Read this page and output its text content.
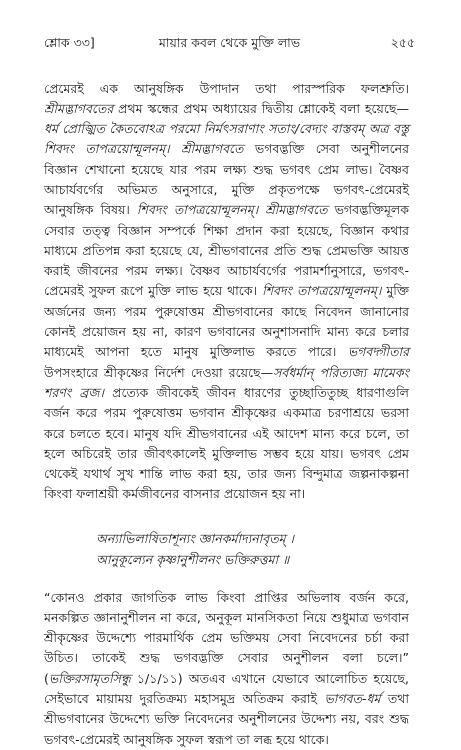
শ্লোক ৩৩]	মায়ার কবল থেকে মুক্তি লাভ	২৫৫

প্রেমেরই এক আনুষঙ্গিক উপাদান তথা পারস্পরিক ফলশ্রুতি। শ্রীমদ্ভাগবতের প্রথম স্কন্ধের প্রথম অধ্যায়ের দ্বিতীয় শ্লোকেই বলা হয়েছে—ধর্ম প্রোজ্ঝিত কৈতবোঽত্র পরমো নির্মৎসরাণাং সতাং/বেদ্যং বাস্তবম্ অত্র বস্তু শিবদং তাপত্রয়োন্মূলনম্। শ্রীমদ্ভাগবতে ভগবদ্ভক্তি সেবা অনুশীলনের বিজ্ঞান শেখানো হয়েছে যার পরম লক্ষ্য শুদ্ধ ভগবৎ প্রেম লাভ। বৈষ্ণব আচার্যবর্গের অভিমত অনুসারে, মুক্তি প্রকৃতপক্ষে ভগবৎ-প্রেমেরই আনুষঙ্গিক বিষয়। শিবদং তাপত্রয়োন্মূলনম্। শ্রীমদ্ভাগবতে ভগবদ্ভক্তিমূলক সেবার তত্ত্ব বিজ্ঞান সম্পর্কে শিক্ষা প্রদান করা হয়েছে, বিজ্ঞান কথার মাধ্যমে প্রতিপন্ন করা হয়েছে যে, শ্রীভগবানের প্রতি শুদ্ধ প্রেমভক্তি আয়ত্ত করাই জীবনের পরম লক্ষ্য। বৈষ্ণব আচার্যবর্গের পরামর্শানুসারে, ভগবৎ-প্রেমেরই সুফল রূপে মুক্তি লাভ হয়ে থাকে। শিবদং তাপত্রয়োন্মূলনম্। মুক্তি অর্জনের জন্য পরম পুরুষোত্তম শ্রীভগবানের কাছে নিবেদন জানানোর কোনই প্রয়োজন হয় না, কারণ ভগবানের অনুশাসনাদি মান্য করে চলার মাধ্যমেই আপনা হতে মানুষ মুক্তিলাভ করতে পারে। ভগবদ্গীতার উপসংহারে শ্রীকৃষ্ণের নির্দেশ দেওয়া রয়েছে—সর্বধর্মান্ পরিত্যজ্য মামেকং শরণং ব্রজ। প্রত্যেক জীবকেই জীবন ধারণের তুচ্ছাতিতুচ্ছ ধারণাগুলি বর্জন করে পরম পুরুষোত্তম ভগবান শ্রীকৃষ্ণের একমাত্র চরণাশ্রয়ে ভরসা করে চলতে হবে। মানুষ যদি শ্রীভগবানের এই আদেশ মান্য করে চলে, তা হলে অচিরেই তার জীবৎকালেই মুক্তিলাভ সম্ভব হয়ে যায়। ভগবৎ প্রেম থেকেই যথার্থ সুখ শান্তি লাভ করা হয়, তার জন্য বিন্দুমাত্র জল্পনাকল্পনা কিংবা ফলাশ্রয়ী কর্মজীবনের বাসনার প্রয়োজন হয় না।

অন্যাভিলাষিতাশূন্যং জ্ঞানকর্মাদ্যনাবৃতম্ ।
আনুকূল্যেন কৃষ্ণানুশীলনং ভক্তিরুত্তমা ॥

“কোনও প্রকার জাগতিক লাভ কিংবা প্রাপ্তির অভিলাষ বর্জন করে, মনকল্পিত জ্ঞানানুশীলন না করে, অনুকূল মানসিকতা নিয়ে শুধুমাত্র ভগবান শ্রীকৃষ্ণের উদ্দেশ্যে পারমার্থিক প্রেম ভক্তিময় সেবা নিবেদনের চর্চা করা উচিত। তাকেই শুদ্ধ ভগবদ্ভক্তি সেবার অনুশীলন বলা চলে।” (ভক্তিরসামৃতসিন্ধু ১/১/১১) অতএব এখানে যেভাবে আলোচিত হয়েছে, সেইভাবে মায়াময় দুরতিক্রম্য মহাসমুদ্র অতিক্রম করাই ভাগবত-ধর্ম তথা শ্রীভগবানের উদ্দেশ্যে ভক্তি নিবেদনের অনুশীলনের উদ্দেশ্য নয়, বরং শুদ্ধ ভগবৎ-প্রেমেরই আনুষঙ্গিক সুফল স্বরূপ তা লব্ধ হয়ে থাকে।
